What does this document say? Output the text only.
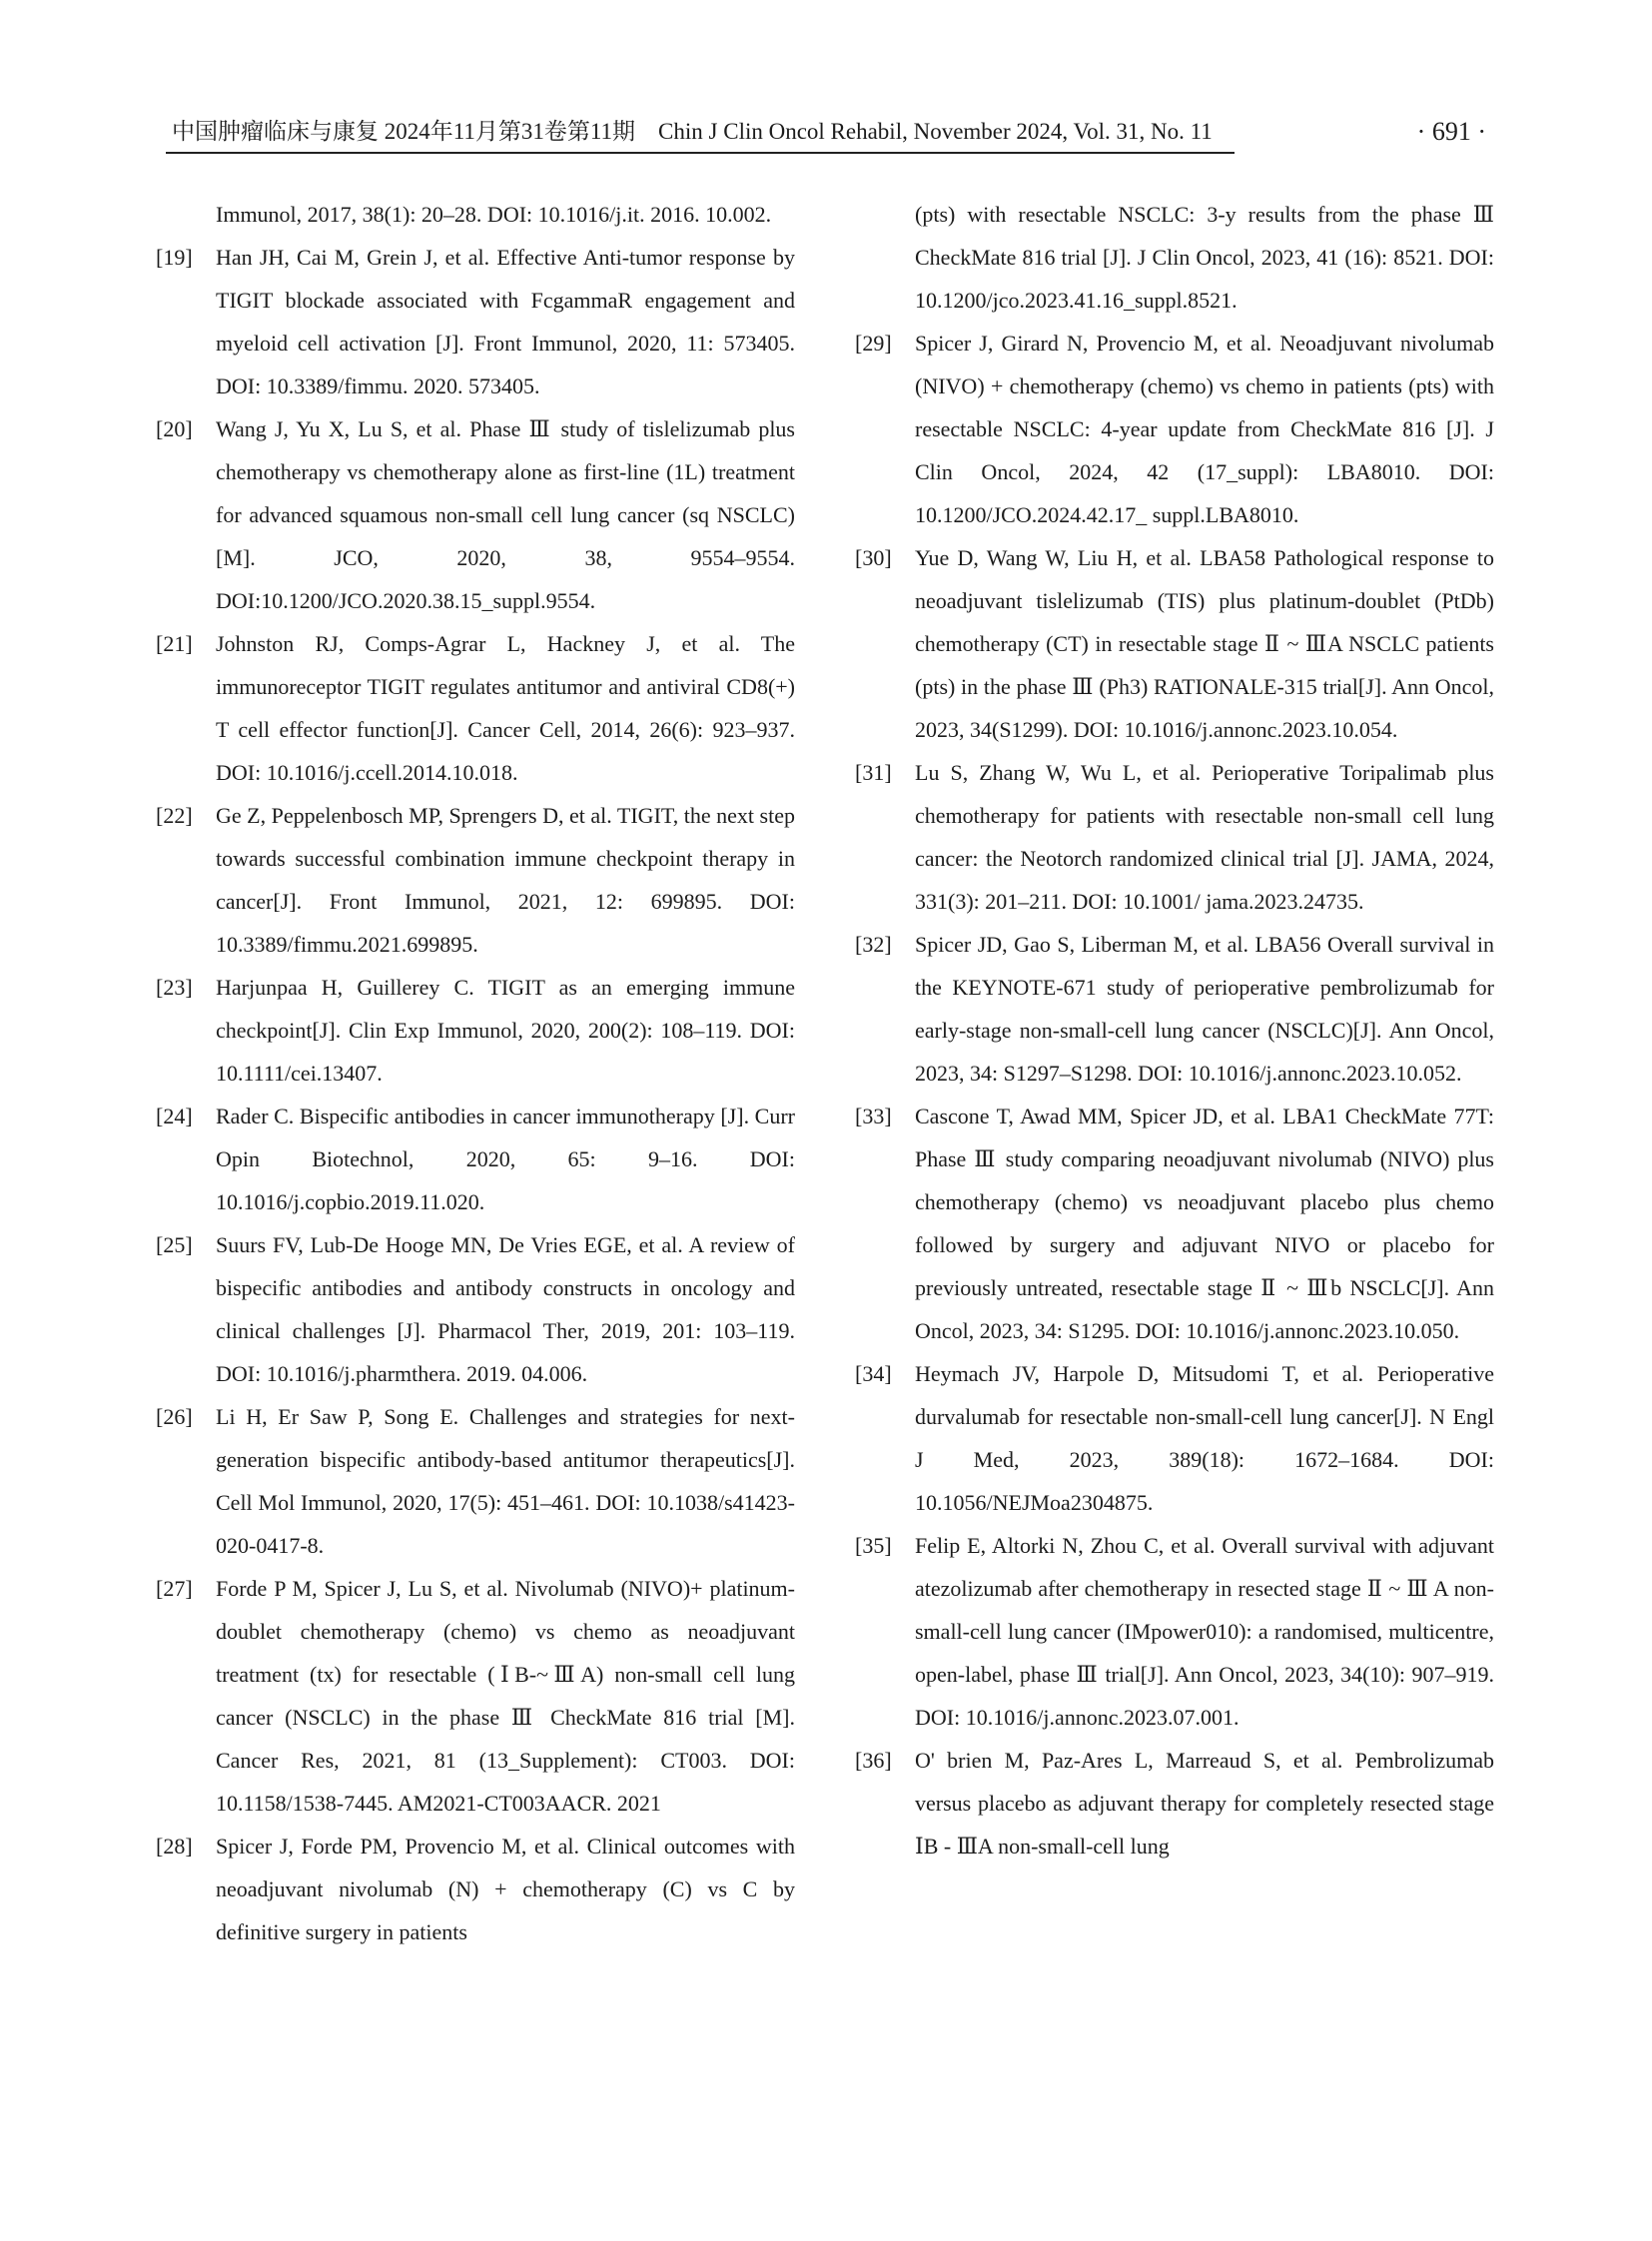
中国肿瘤临床与康复 2024年11月第31卷第11期　Chin J Clin Oncol Rehabil, November 2024, Vol. 31, No. 11	· 691 ·

Immunol, 2017, 38(1): 20–28. DOI: 10.1016/j.it. 2016. 10.002.

[19]	Han JH, Cai M, Grein J, et al. Effective Anti-tumor response by TIGIT blockade associated with FcgammaR engagement and myeloid cell activation [J]. Front Immunol, 2020, 11: 573405. DOI: 10.3389/fimmu. 2020. 573405.

[20]	Wang J, Yu X, Lu S, et al. Phase Ⅲ study of tislelizumab plus chemotherapy vs chemotherapy alone as first-line (1L) treatment for advanced squamous non-small cell lung cancer (sq NSCLC) [M]. JCO, 2020, 38, 9554–9554. DOI:10.1200/JCO.2020.38.15_suppl.9554.

[21]	Johnston RJ, Comps-Agrar L, Hackney J, et al. The immunoreceptor TIGIT regulates antitumor and antiviral CD8(+) T cell effector function[J]. Cancer Cell, 2014, 26(6): 923–937. DOI: 10.1016/j.ccell.2014.10.018.

[22]	Ge Z, Peppelenbosch MP, Sprengers D, et al. TIGIT, the next step towards successful combination immune checkpoint therapy in cancer[J]. Front Immunol, 2021, 12: 699895. DOI: 10.3389/fimmu.2021.699895.

[23]	Harjunpaa H, Guillerey C. TIGIT as an emerging immune checkpoint[J]. Clin Exp Immunol, 2020, 200(2): 108–119. DOI: 10.1111/cei.13407.

[24]	Rader C. Bispecific antibodies in cancer immunotherapy [J]. Curr Opin Biotechnol, 2020, 65: 9–16. DOI: 10.1016/j.copbio.2019.11.020.

[25]	Suurs FV, Lub-De Hooge MN, De Vries EGE, et al. A review of bispecific antibodies and antibody constructs in oncology and clinical challenges [J]. Pharmacol Ther, 2019, 201: 103–119. DOI: 10.1016/j.pharmthera. 2019. 04.006.

[26]	Li H, Er Saw P, Song E. Challenges and strategies for next-generation bispecific antibody-based antitumor therapeutics[J]. Cell Mol Immunol, 2020, 17(5): 451–461. DOI: 10.1038/s41423-020-0417-8.

[27]	Forde P M, Spicer J, Lu S, et al. Nivolumab (NIVO)+ platinum-doublet chemotherapy (chemo) vs chemo as neoadjuvant treatment (tx) for resectable (ⅠB-~ⅢA) non-small cell lung cancer (NSCLC) in the phase Ⅲ CheckMate 816 trial [M]. Cancer Res, 2021, 81 (13_Supplement): CT003. DOI: 10.1158/1538-7445. AM2021-CT003AACR. 2021

[28]	Spicer J, Forde PM, Provencio M, et al. Clinical outcomes with neoadjuvant nivolumab (N) + chemotherapy (C) vs C by definitive surgery in patients

(pts) with resectable NSCLC: 3-y results from the phase Ⅲ CheckMate 816 trial [J]. J Clin Oncol, 2023, 41 (16): 8521. DOI: 10.1200/jco.2023.41.16_suppl.8521.

[29]	Spicer J, Girard N, Provencio M, et al. Neoadjuvant nivolumab (NIVO) + chemotherapy (chemo) vs chemo in patients (pts) with resectable NSCLC: 4-year update from CheckMate 816 [J]. J Clin Oncol, 2024, 42 (17_suppl): LBA8010. DOI: 10.1200/JCO.2024.42.17_ suppl.LBA8010.

[30]	Yue D, Wang W, Liu H, et al. LBA58 Pathological response to neoadjuvant tislelizumab (TIS) plus platinum-doublet (PtDb) chemotherapy (CT) in resectable stage Ⅱ ~ ⅢA NSCLC patients (pts) in the phase Ⅲ (Ph3) RATIONALE-315 trial[J]. Ann Oncol, 2023, 34(S1299). DOI: 10.1016/j.annonc.2023.10.054.

[31]	Lu S, Zhang W, Wu L, et al. Perioperative Toripalimab plus chemotherapy for patients with resectable non-small cell lung cancer: the Neotorch randomized clinical trial [J]. JAMA, 2024, 331(3): 201–211. DOI: 10.1001/ jama.2023.24735.

[32]	Spicer JD, Gao S, Liberman M, et al. LBA56 Overall survival in the KEYNOTE-671 study of perioperative pembrolizumab for early-stage non-small-cell lung cancer (NSCLC)[J]. Ann Oncol, 2023, 34: S1297–S1298. DOI: 10.1016/j.annonc.2023.10.052.

[33]	Cascone T, Awad MM, Spicer JD, et al. LBA1 CheckMate 77T: Phase Ⅲ study comparing neoadjuvant nivolumab (NIVO) plus chemotherapy (chemo) vs neoadjuvant placebo plus chemo followed by surgery and adjuvant NIVO or placebo for previously untreated, resectable stage Ⅱ ~ Ⅲb NSCLC[J]. Ann Oncol, 2023, 34: S1295. DOI: 10.1016/j.annonc.2023.10.050.

[34]	Heymach JV, Harpole D, Mitsudomi T, et al. Perioperative durvalumab for resectable non-small-cell lung cancer[J]. N Engl J Med, 2023, 389(18): 1672–1684. DOI: 10.1056/NEJMoa2304875.

[35]	Felip E, Altorki N, Zhou C, et al. Overall survival with adjuvant atezolizumab after chemotherapy in resected stage Ⅱ ~ Ⅲ A non-small-cell lung cancer (IMpower010): a randomised, multicentre, open-label, phase Ⅲ trial[J]. Ann Oncol, 2023, 34(10): 907–919. DOI: 10.1016/j.annonc.2023.07.001.

[36]	O' brien M, Paz-Ares L, Marreaud S, et al. Pembrolizumab versus placebo as adjuvant therapy for completely resected stage ⅠB - ⅢA non-small-cell lung
